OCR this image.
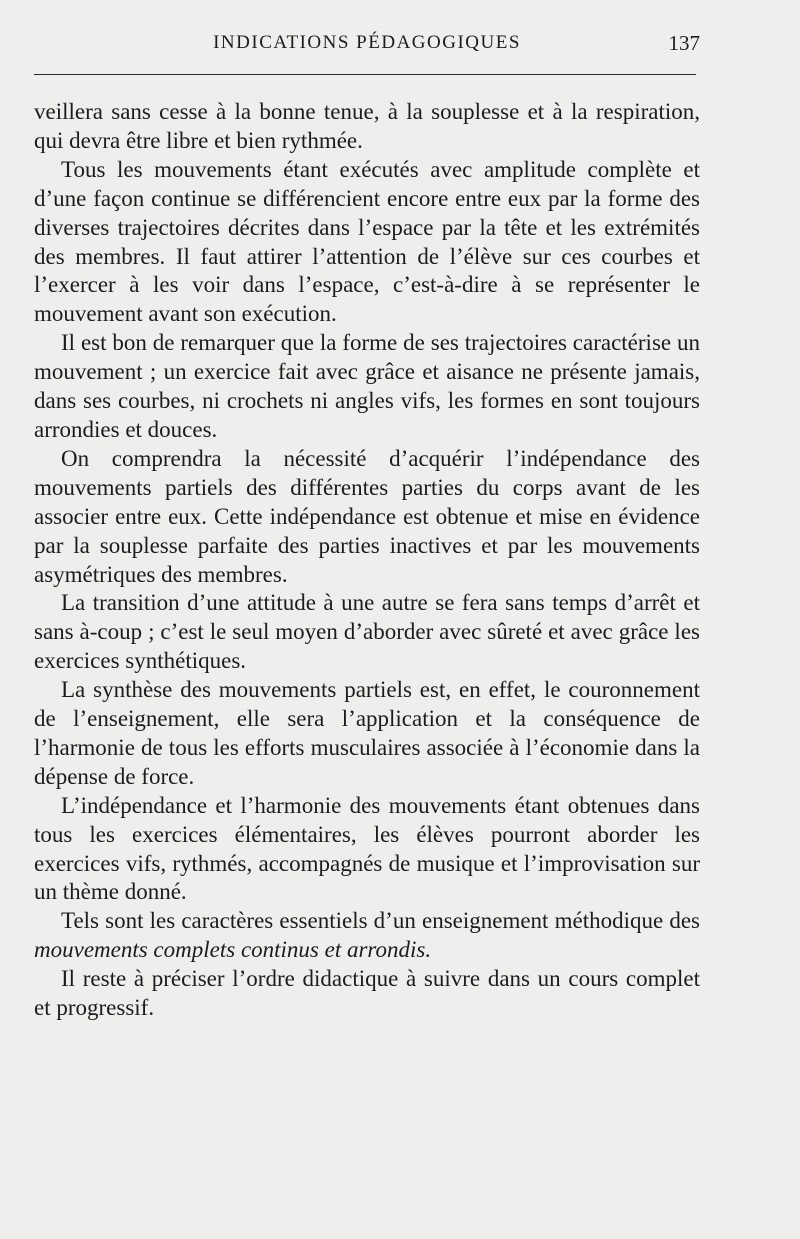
INDICATIONS PÉDAGOGIQUES	137

veillera sans cesse à la bonne tenue, à la souplesse et à la respiration, qui devra être libre et bien rythmée.

Tous les mouvements étant exécutés avec amplitude complète et d’une façon continue se différencient encore entre eux par la forme des diverses trajectoires décrites dans l’espace par la tête et les extrémités des membres. Il faut attirer l’attention de l’élève sur ces courbes et l’exercer à les voir dans l’espace, c’est-à-dire à se représenter le mouvement avant son exécution.

Il est bon de remarquer que la forme de ses trajectoires caractérise un mouvement ; un exercice fait avec grâce et aisance ne présente jamais, dans ses courbes, ni crochets ni angles vifs, les formes en sont toujours arrondies et douces.

On comprendra la nécessité d’acquérir l’indépendance des mouvements partiels des différentes parties du corps avant de les associer entre eux. Cette indépendance est obtenue et mise en évidence par la souplesse parfaite des parties inactives et par les mouvements asymétriques des membres.

La transition d’une attitude à une autre se fera sans temps d’arrêt et sans à-coup ; c’est le seul moyen d’aborder avec sûreté et avec grâce les exercices synthétiques.

La synthèse des mouvements partiels est, en effet, le couronnement de l’enseignement, elle sera l’application et la conséquence de l’harmonie de tous les efforts musculaires associée à l’économie dans la dépense de force.

L’indépendance et l’harmonie des mouvements étant obtenues dans tous les exercices élémentaires, les élèves pourront aborder les exercices vifs, rythmés, accompagnés de musique et l’improvisation sur un thème donné.

Tels sont les caractères essentiels d’un enseignement méthodique des mouvements complets continus et arrondis.

Il reste à préciser l’ordre didactique à suivre dans un cours complet et progressif.
